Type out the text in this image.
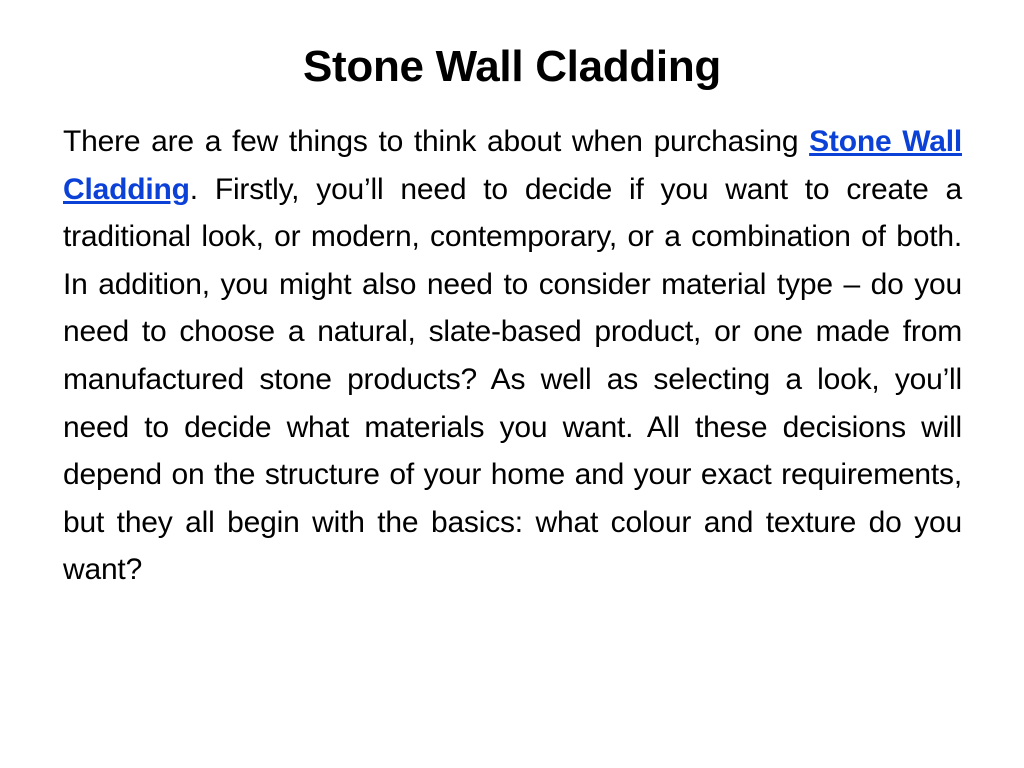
Stone Wall Cladding

There are a few things to think about when purchasing Stone Wall Cladding. Firstly, you’ll need to decide if you want to create a traditional look, or modern, contemporary, or a combination of both. In addition, you might also need to consider material type – do you need to choose a natural, slate-based product, or one made from manufactured stone products? As well as selecting a look, you’ll need to decide what materials you want. All these decisions will depend on the structure of your home and your exact requirements, but they all begin with the basics: what colour and texture do you want?
